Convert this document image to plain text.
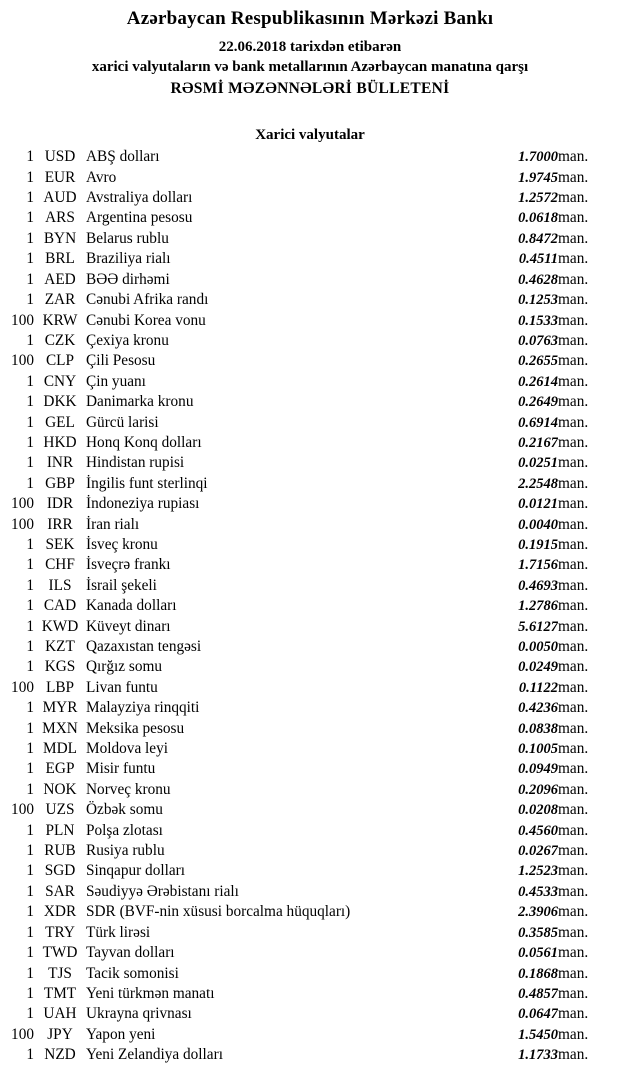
Azərbaycan Respublikasının Mərkəzi Bankı
22.06.2018 tarixdən etibarən
xarici valyutaların və bank metallarının Azərbaycan manatına qarşı
RƏSMİ MƏZƏNNƏLƏRİ BÜLLETENİ
Xarici valyutalar
1	USD	ABŞ dolları	1.7000	man.
1	EUR	Avro	1.9745	man.
1	AUD	Avstraliya dolları	1.2572	man.
1	ARS	Argentina pesosu	0.0618	man.
1	BYN	Belarus rublu	0.8472	man.
1	BRL	Braziliya rialı	0.4511	man.
1	AED	BƏƏ dirhəmi	0.4628	man.
1	ZAR	Cənubi Afrika randı	0.1253	man.
100	KRW	Cənubi Korea vonu	0.1533	man.
1	CZK	Çexiya kronu	0.0763	man.
100	CLP	Çili Pesosu	0.2655	man.
1	CNY	Çin yuanı	0.2614	man.
1	DKK	Danimarka kronu	0.2649	man.
1	GEL	Gürcü larisi	0.6914	man.
1	HKD	Honq Konq dolları	0.2167	man.
1	INR	Hindistan rupisi	0.0251	man.
1	GBP	İngilis funt sterlinqi	2.2548	man.
100	IDR	İndoneziya rupiası	0.0121	man.
100	IRR	İran rialı	0.0040	man.
1	SEK	İsveç kronu	0.1915	man.
1	CHF	İsveçrə frankı	1.7156	man.
1	ILS	İsrail şekeli	0.4693	man.
1	CAD	Kanada dolları	1.2786	man.
1	KWD	Küveyt dinarı	5.6127	man.
1	KZT	Qazaxıstan tengəsi	0.0050	man.
1	KGS	Qırğız somu	0.0249	man.
100	LBP	Livan funtu	0.1122	man.
1	MYR	Malayziya rinqqiti	0.4236	man.
1	MXN	Meksika pesosu	0.0838	man.
1	MDL	Moldova leyi	0.1005	man.
1	EGP	Misir funtu	0.0949	man.
1	NOK	Norveç kronu	0.2096	man.
100	UZS	Özbək somu	0.0208	man.
1	PLN	Polşa zlotası	0.4560	man.
1	RUB	Rusiya rublu	0.0267	man.
1	SGD	Sinqapur dolları	1.2523	man.
1	SAR	Səudiyyə Ərəbistanı rialı	0.4533	man.
1	XDR	SDR (BVF-nin xüsusi borcalma hüquqları)	2.3906	man.
1	TRY	Türk lirəsi	0.3585	man.
1	TWD	Tayvan dolları	0.0561	man.
1	TJS	Tacik somonisi	0.1868	man.
1	TMT	Yeni türkmən manatı	0.4857	man.
1	UAH	Ukrayna qrivnası	0.0647	man.
100	JPY	Yapon yeni	1.5450	man.
1	NZD	Yeni Zelandiya dolları	1.1733	man.
